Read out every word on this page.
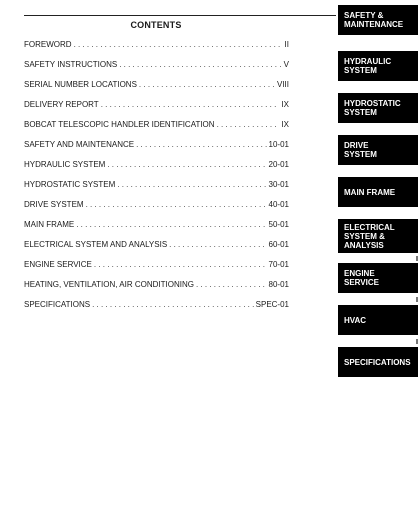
CONTENTS
FOREWORD . . .	II
SAFETY INSTRUCTIONS . . .	V
SERIAL NUMBER LOCATIONS . . .	VIII
DELIVERY REPORT . . .	IX
BOBCAT TELESCOPIC HANDLER IDENTIFICATION . . .	IX
SAFETY AND MAINTENANCE . . .	10-01
HYDRAULIC SYSTEM . . .	20-01
HYDROSTATIC SYSTEM . . .	30-01
DRIVE SYSTEM . . .	40-01
MAIN FRAME . . .	50-01
ELECTRICAL SYSTEM AND ANALYSIS . . .	60-01
ENGINE SERVICE . . .	70-01
HEATING, VENTILATION, AIR CONDITIONING . . .	80-01
SPECIFICATIONS . . .	SPEC-01
SAFETY &
MAINTENANCE
HYDRAULIC
SYSTEM
HYDROSTATIC
SYSTEM
DRIVE
SYSTEM
MAIN FRAME
ELECTRICAL
SYSTEM &
ANALYSIS
ENGINE
SERVICE
HVAC
SPECIFICATIONS
